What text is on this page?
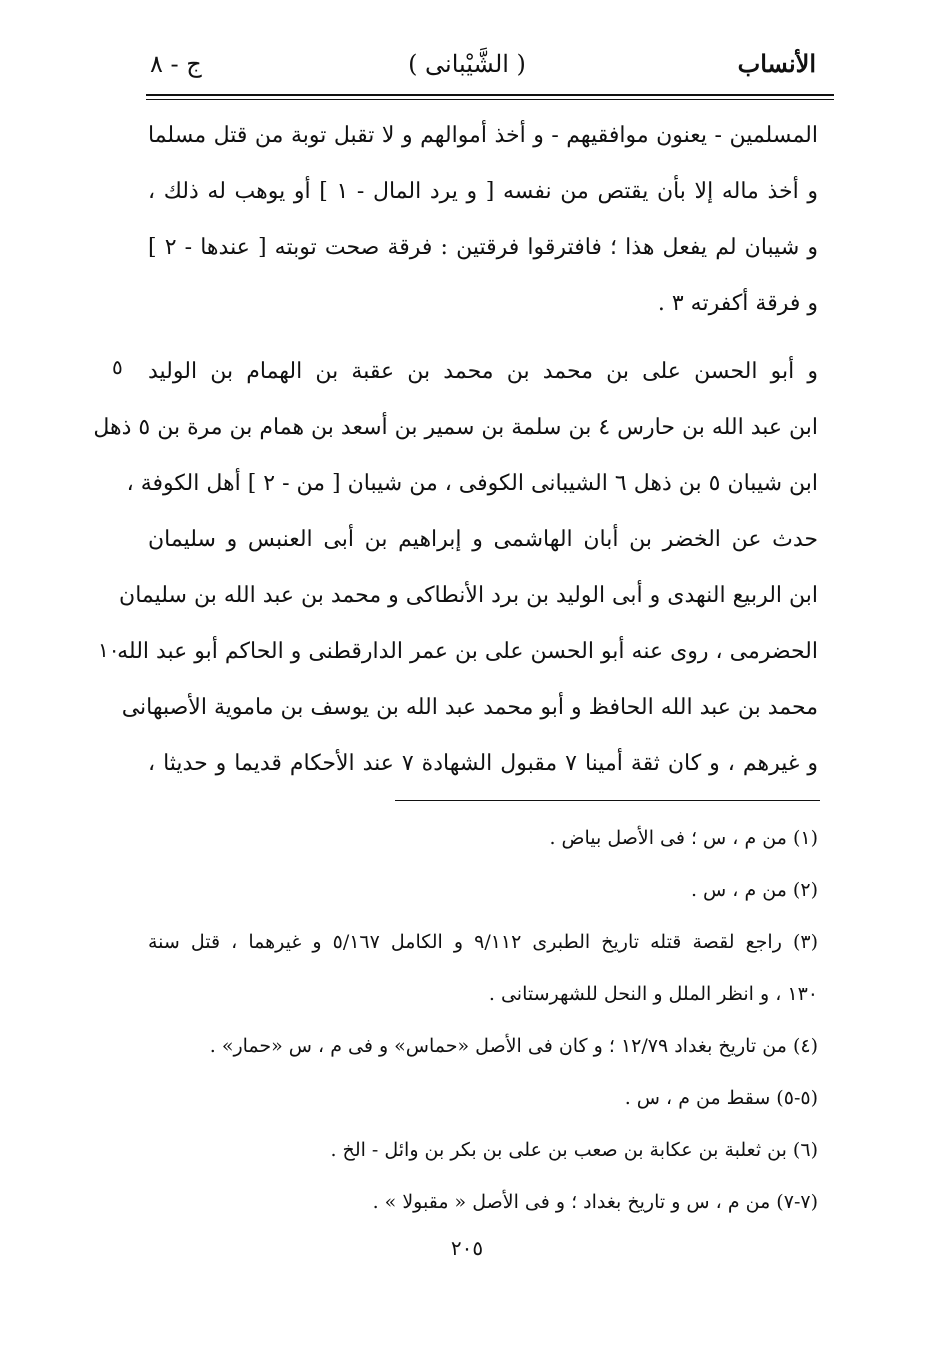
الأنساب
( الشَّيْبانى )
ج - ٨
المسلمين - يعنون موافقيهم - و أخذ أموالهم و لا تقبل توبة من قتل مسلما
و أخذ ماله إلا بأن يقتص من نفسه [ و يرد المال - ١ ] أو يوهب له ذلك ،
و شيبان لم يفعل هذا ؛ فافترقوا فرقتين : فرقة صحت توبته [ عندها - ٢ ]
و فرقة أكفرته ٣ .
و أبو الحسن على بن محمد بن محمد بن عقبة بن الهمام بن الوليد
ابن عبد الله بن حارس ٤ بن سلمة بن سمير بن أسعد بن همام بن مرة بن ٥ ذهل
ابن شيبان ٥ بن ذهل ٦ الشيبانى الكوفى ، من شيبان [ من - ٢ ] أهل الكوفة ،
حدث عن الخضر بن أبان الهاشمى و إبراهيم بن أبى العنبس و سليمان
ابن الربيع النهدى و أبى الوليد بن برد الأنطاكى و محمد بن عبد الله بن سليمان
الحضرمى ، روى عنه أبو الحسن على بن عمر الدارقطنى و الحاكم أبو عبد الله
محمد بن عبد الله الحافظ و أبو محمد عبد الله بن يوسف بن ماموية الأصبهانى
و غيرهم ، و كان ثقة أمينا ٧ مقبول الشهادة ٧ عند الأحكام قديما و حديثا ،
٥
١٠
(١) من م ، س ؛ فى الأصل بياض .
(٢) من م ، س .
(٣) راجع لقصة قتله تاريخ الطبرى ٩/١١٢ و الكامل ٥/١٦٧ و غيرهما ، قتل سنة
١٣٠ ، و انظر الملل و النحل للشهرستانى .
(٤) من تاريخ بغداد ١٢/٧٩ ؛ و كان فى الأصل «حماس» و فى م ، س «حمار» .
(٥-٥) سقط من م ، س .
(٦) بن ثعلبة بن عكابة بن صعب بن على بن بكر بن وائل - الخ .
(٧-٧) من م ، س و تاريخ بغداد ؛ و فى الأصل « مقبولا » .
٢٠٥
